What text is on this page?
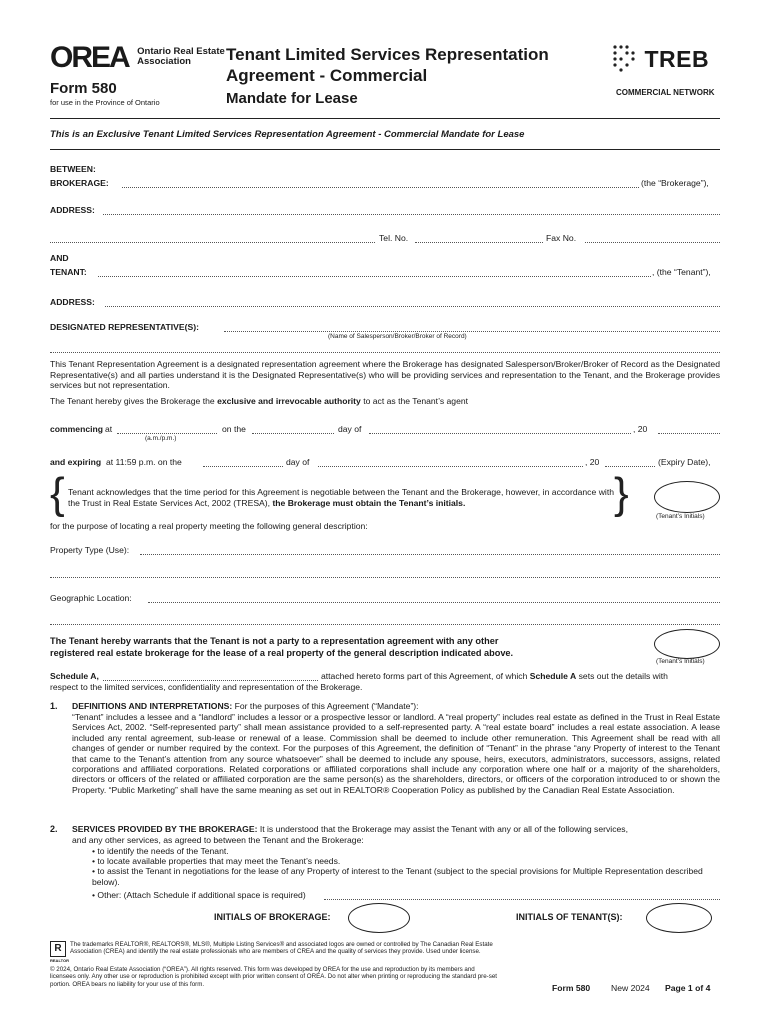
OREA Ontario Real Estate
Association
Form 580
for use in the Province of Ontario
Tenant Limited Services Representation
Agreement - Commercial
Mandate for Lease
TREB
COMMERCIAL NETWORK
This is an Exclusive Tenant Limited Services Representation Agreement - Commercial Mandate for Lease
BETWEEN:
BROKERAGE:	(the “Brokerage”),
ADDRESS:
Tel. No.	Fax No.
AND
TENANT:	, (the “Tenant”),
ADDRESS:
DESIGNATED REPRESENTATIVE(S):
(Name of Salesperson/Broker/Broker of Record)
This Tenant Representation Agreement is a designated representation agreement where the Brokerage has designated Salesperson/Broker/Broker of Record as the Designated Representative(s) and all parties understand it is the Designated Representative(s) who will be providing services and representation to the Tenant, and the Brokerage provides services but not representation.
The Tenant hereby gives the Brokerage the exclusive and irrevocable authority to act as the Tenant’s agent
commencing at
(a.m./p.m.)
on the	day of	, 20
and expiring at 11:59 p.m. on the	day of	, 20	(Expiry Date),
{ Tenant acknowledges that the time period for this Agreement is negotiable between the Tenant and the Brokerage, however, in accordance with the Trust in Real Estate Services Act, 2002 (TRESA), the Brokerage must obtain the Tenant’s initials.	}	(Tenant’s Initials)
for the purpose of locating a real property meeting the following general description:
Property Type (Use):
Geographic Location:
The Tenant hereby warrants that the Tenant is not a party to a representation agreement with any other
registered real estate brokerage for the lease of a real property of the general description indicated above.
(Tenant’s Initials)
Schedule A,	attached hereto forms part of this Agreement, of which Schedule A sets out the details with
respect to the limited services, confidentiality and representation of the Brokerage.
1. DEFINITIONS AND INTERPRETATIONS: For the purposes of this Agreement (“Mandate”):
“Tenant” includes a lessee and a “landlord” includes a lessor or a prospective lessor or landlord. A “real property” includes real estate as defined in the Trust in Real Estate Services Act, 2002. “Self-represented party” shall mean assistance provided to a self-represented party. A “real estate board” includes a real estate association. A lease included any rental agreement, sub-lease or renewal of a lease. Commission shall be deemed to include other remuneration. This Agreement shall be read with all changes of gender or number required by the context. For the purposes of this Agreement, the definition of “Tenant” in the phrase “any Property of interest to the Tenant that came to the Tenant’s attention from any source whatsoever” shall be deemed to include any spouse, heirs, executors, administrators, successors, assigns, related corporations and affiliated corporations. Related corporations or affiliated corporations shall include any corporation where one half or a majority of the shareholders, directors or officers of the related or affiliated corporation are the same person(s) as the shareholders, directors, or officers of the corporation introduced to or shown the Property. “Public Marketing” shall have the same meaning as set out in REALTOR® Cooperation Policy as published by the Canadian Real Estate Association.
2. SERVICES PROVIDED BY THE BROKERAGE: It is understood that the Brokerage may assist the Tenant with any or all of the following services,
and any other services, as agreed to between the Tenant and the Brokerage:
• to identify the needs of the Tenant.
• to locate available properties that may meet the Tenant’s needs.
• to assist the Tenant in negotiations for the lease of any Property of interest to the Tenant (subject to the special provisions for Multiple Representation described below).
• Other: (Attach Schedule if additional space is required)
INITIALS OF BROKERAGE:	INITIALS OF TENANT(S):
R
REALTOR
The trademarks REALTOR®, REALTORS®, MLS®, Multiple Listing Services® and associated logos are owned or controlled by The Canadian Real Estate Association (CREA) and identify the real estate professionals who are members of CREA and the quality of services they provide. Used under license.
© 2024, Ontario Real Estate Association (“OREA”). All rights reserved. This form was developed by OREA for the use and reproduction by its members and licensees only. Any other use or reproduction is prohibited except with prior written consent of OREA. Do not alter when printing or reproducing the standard pre-set portion. OREA bears no liability for your use of this form.	Form 580 New 2024 Page 1 of 4
